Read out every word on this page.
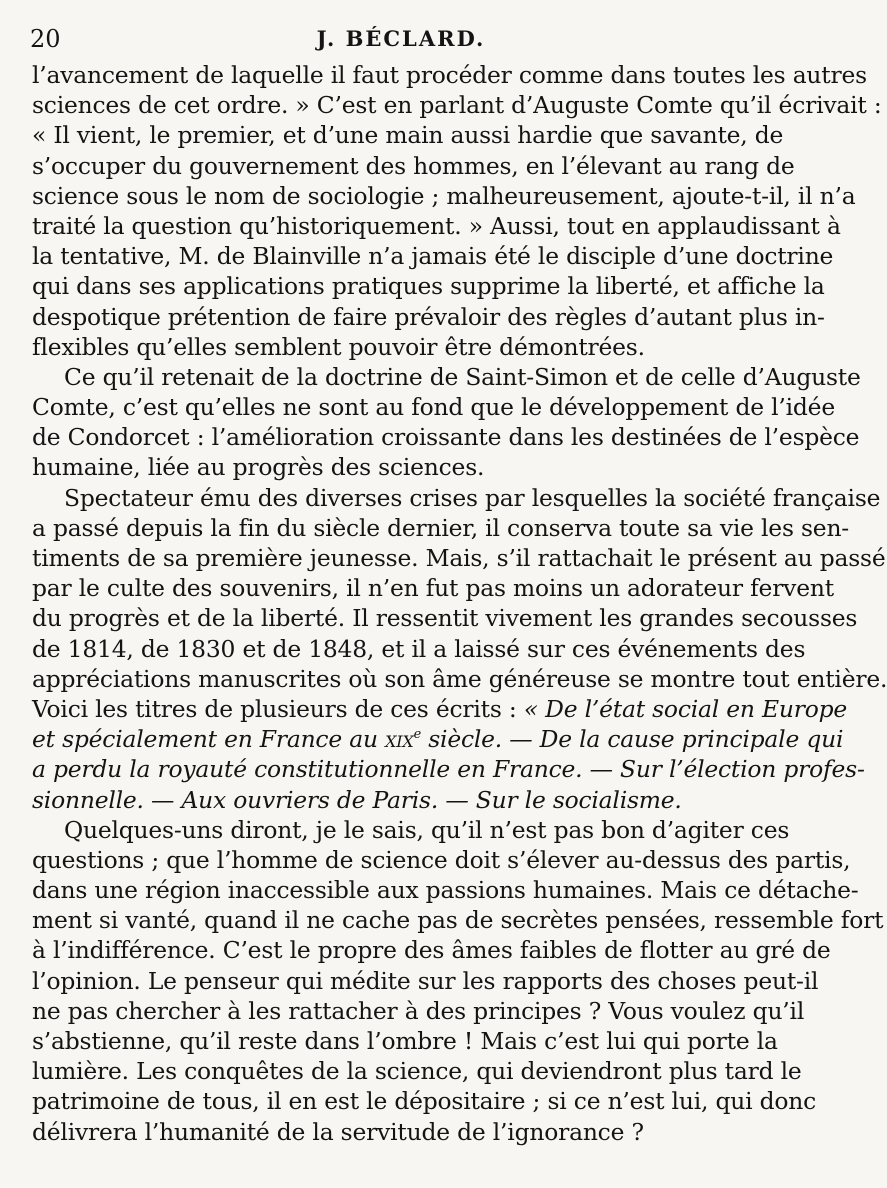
20	J. BÉCLARD.
l’avancement de laquelle il faut procéder comme dans toutes les autres
sciences de cet ordre. » C’est en parlant d’Auguste Comte qu’il écrivait :
« Il vient, le premier, et d’une main aussi hardie que savante, de
s’occuper du gouvernement des hommes, en l’élevant au rang de
science sous le nom de sociologie ; malheureusement, ajoute-t-il, il n’a
traité la question qu’historiquement. » Aussi, tout en applaudissant à
la tentative, M. de Blainville n’a jamais été le disciple d’une doctrine
qui dans ses applications pratiques supprime la liberté, et affiche la
despotique prétention de faire prévaloir des règles d’autant plus in-
flexibles qu’elles semblent pouvoir être démontrées.
Ce qu’il retenait de la doctrine de Saint-Simon et de celle d’Auguste
Comte, c’est qu’elles ne sont au fond que le développement de l’idée
de Condorcet : l’amélioration croissante dans les destinées de l’espèce
humaine, liée au progrès des sciences.
Spectateur ému des diverses crises par lesquelles la société française
a passé depuis la fin du siècle dernier, il conserva toute sa vie les sen-
timents de sa première jeunesse. Mais, s’il rattachait le présent au passé
par le culte des souvenirs, il n’en fut pas moins un adorateur fervent
du progrès et de la liberté. Il ressentit vivement les grandes secousses
de 1814, de 1830 et de 1848, et il a laissé sur ces événements des
appréciations manuscrites où son âme généreuse se montre tout entière.
Voici les titres de plusieurs de ces écrits : « De l’état social en Europe
et spécialement en France au xix$^e$ siècle. — De la cause principale qui
a perdu la royauté constitutionnelle en France. — Sur l’élection profes-
sionnelle. — Aux ouvriers de Paris. — Sur le socialisme.
Quelques-uns diront, je le sais, qu’il n’est pas bon d’agiter ces
questions ; que l’homme de science doit s’élever au-dessus des partis,
dans une région inaccessible aux passions humaines. Mais ce détache-
ment si vanté, quand il ne cache pas de secrètes pensées, ressemble fort
à l’indifférence. C’est le propre des âmes faibles de flotter au gré de
l’opinion. Le penseur qui médite sur les rapports des choses peut-il
ne pas chercher à les rattacher à des principes ? Vous voulez qu’il
s’abstienne, qu’il reste dans l’ombre ! Mais c’est lui qui porte la
lumière. Les conquêtes de la science, qui deviendront plus tard le
patrimoine de tous, il en est le dépositaire ; si ce n’est lui, qui donc
délivrera l’humanité de la servitude de l’ignorance ?
